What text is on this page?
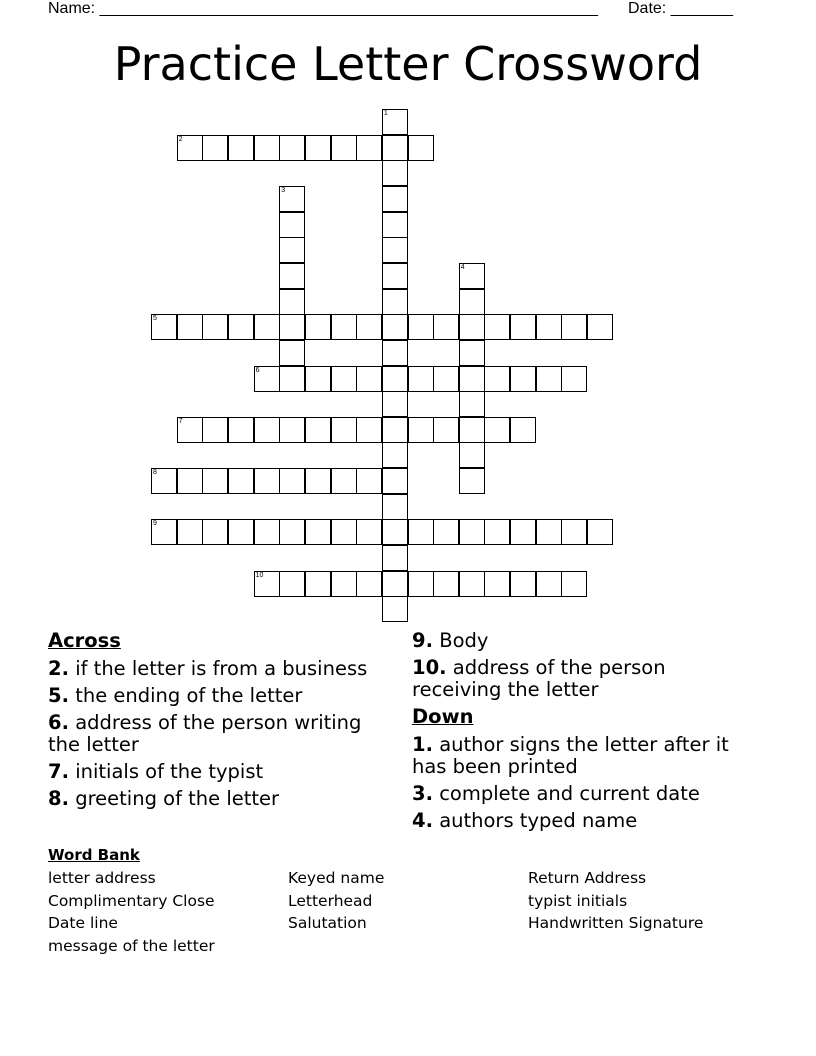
Name: ________________________________________________________ Date: _______
Practice Letter Crossword
1
2
3
4
5
6
7
8
9
10
Across
2. if the letter is from a business
5. the ending of the letter
6. address of the person writing the letter
7. initials of the typist
8. greeting of the letter
9. Body
10. address of the person receiving the letter
Down
1. author signs the letter after it has been printed
3. complete and current date
4. authors typed name
Word Bank
letter address
Complimentary Close
Date line
message of the letter
Keyed name
Letterhead
Salutation
Return Address
typist initials
Handwritten Signature
